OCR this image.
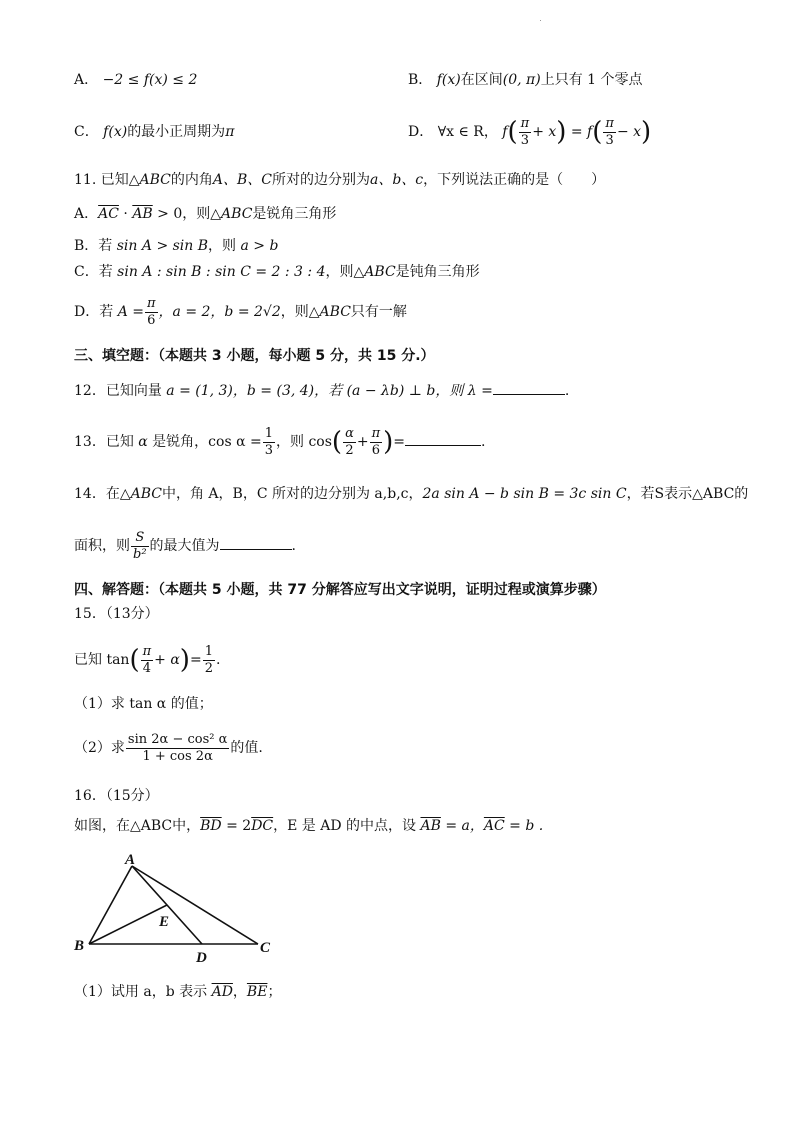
A． −2 ≤ f(x) ≤ 2	B． f(x)在区间(0, π)上只有 1 个零点
C． f(x)的最小正周期为π	D． ∀x ∈ R， $f( \frac{\pi}{3} + x) = f( \frac{\pi}{3} - x)$
11. 已知△ABC的内角A、B、C所对的边分别为a、b、c，下列说法正确的是（　　）
A．$\overline{AC} \cdot \overline{AB} > 0$，则△ABC是锐角三角形
B．若 sin A > sin B，则 a > b
C．若 sin A : sin B : sin C = 2 : 3 : 4，则△ABC是钝角三角形
D．若 $A = \frac{\pi}{6}$ ，a = 2，b = 2√2，则△ABC只有一解
三、填空题：（本题共 3 小题，每小题 5 分，共 15 分.）
12．已知向量 a = (1, 3)，b = (3, 4)，若 (a − λb) ⊥ b，则 λ =	.
13．已知 α 是锐角，$\cos \alpha = \frac{1}{3}$ ，则 $\cos( \frac{\alpha}{2} + \frac{\pi}{6}$ )=	.
14．在△ABC中，角 A，B，C 所对的边分别为 a,b,c，2a sin A − b sin B = 3c sin C，若S表示△ABC的
面积，则 $\frac{S}{\text{b²}}$ 的最大值为	.
四、解答题：（本题共 5 小题，共 77 分解答应写出文字说明，证明过程或演算步骤）
15．（13分）
已知 $\tan( \frac{\pi}{4} + \alpha)= \frac{1}{2}$ .
（1）求 tan α 的值；
（2）求 $\frac{\text{sin 2α − cos² α}}{1 + \cos 2\alpha}$ 的值.
16．（15分）
如图，在△ABC中，$\overline{BD} = 2\overline{DC}$，E 是 AD 的中点，设 $\overline{AB} = a$，$\overline{AC} = b$ .
A
B	C
D
E
（1）试用 a，b 表示 $\overline{AD}$，$\overline{BE}$；
